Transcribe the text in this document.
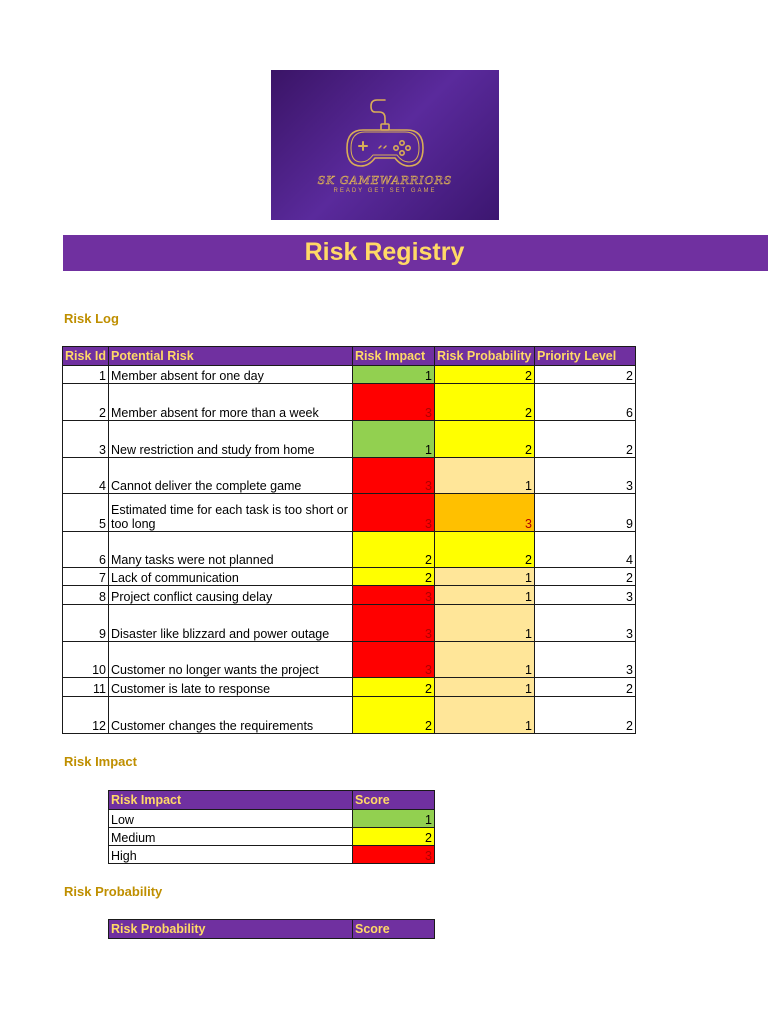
SK GAMEWARRIORS
READY GET SET GAME
Risk Registry
Risk Log
Risk Id	Potential Risk	Risk Impact	Risk Probability	Priority Level
1	Member absent for one day	1	2	2
2	Member absent for more than a week	3	2	6
3	New restriction and study from home	1	2	2
4	Cannot deliver the complete game	3	1	3
5	Estimated time for each task is too short or too long	3	3	9
6	Many tasks were not planned	2	2	4
7	Lack of communication	2	1	2
8	Project conflict causing delay	3	1	3
9	Disaster like blizzard and power outage	3	1	3
10	Customer no longer wants the project	3	1	3
11	Customer is late to response	2	1	2
12	Customer changes the requirements	2	1	2
Risk Impact
Risk Impact	Score
Low	1
Medium	2
High	3
Risk Probability
Risk Probability	Score
